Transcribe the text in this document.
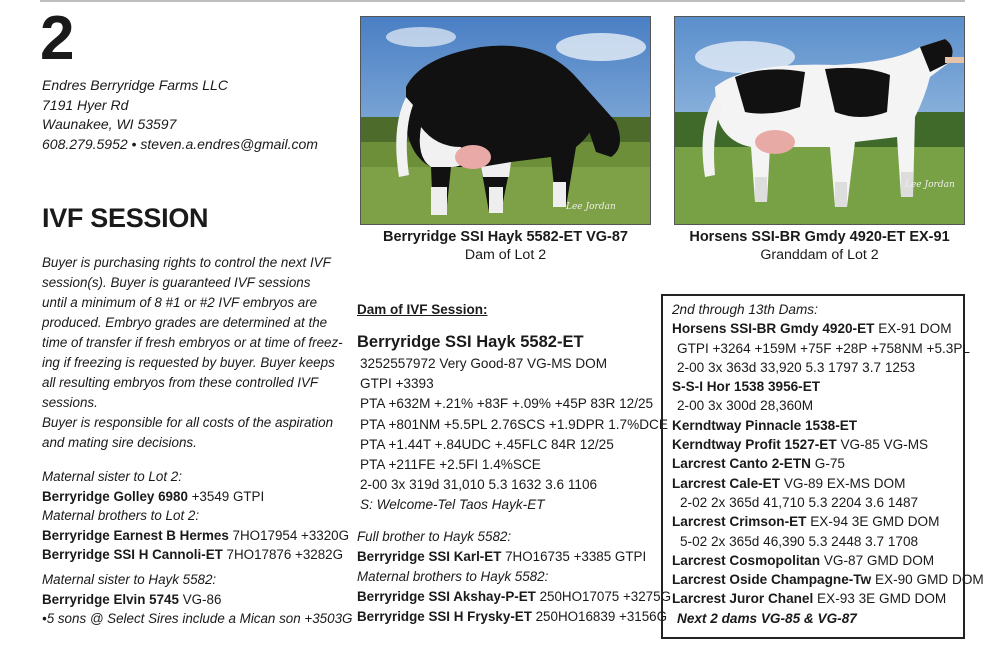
2
Endres Berryridge Farms LLC
7191 Hyer Rd
Waunakee, WI 53597
608.279.5952 • steven.a.endres@gmail.com
IVF SESSION
Buyer is purchasing rights to control the next IVF
session(s). Buyer is guaranteed IVF sessions
until a minimum of 8 #1 or #2 IVF embryos are
produced. Embryo grades are determined at the
time of transfer if fresh embryos or at time of freez-
ing if freezing is requested by buyer. Buyer keeps
all resulting embryos from these controlled IVF
sessions.
Buyer is responsible for all costs of the aspiration
and mating sire decisions.
Maternal sister to Lot 2:
Berryridge Golley 6980 +3549 GTPI
Maternal brothers to Lot 2:
Berryridge Earnest B Hermes 7HO17954 +3320G
Berryridge SSI H Cannoli-ET 7HO17876 +3282G
Maternal sister to Hayk 5582:
Berryridge Elvin 5745 VG-86
•5 sons @ Select Sires include a Mican son +3503G
Lee Jordan
Berryridge SSI Hayk 5582-ET VG-87
Dam of Lot 2
Lee Jordan
Horsens SSI-BR Gmdy 4920-ET EX-91
Granddam of Lot 2
Dam of IVF Session:
Berryridge SSI Hayk 5582-ET
3252557972 Very Good-87 VG-MS DOM
GTPI +3393
PTA +632M +.21% +83F +.09% +45P 83R 12/25
PTA +801NM +5.5PL 2.76SCS +1.9DPR 1.7%DCE
PTA +1.44T +.84UDC +.45FLC 84R 12/25
PTA +211FE +2.5FI 1.4%SCE
2-00 3x 319d 31,010 5.3 1632 3.6 1106
S: Welcome-Tel Taos Hayk-ET
Full brother to Hayk 5582:
Berryridge SSI Karl-ET 7HO16735 +3385 GTPI
Maternal brothers to Hayk 5582:
Berryridge SSI Akshay-P-ET 250HO17075 +3275G
Berryridge SSI H Frysky-ET 250HO16839 +3156G
2nd through 13th Dams:
Horsens SSI-BR Gmdy 4920-ET EX-91 DOM
GTPI +3264 +159M +75F +28P +758NM +5.3PL
2-00 3x 363d 33,920 5.3 1797 3.7 1253
S-S-I Hor 1538 3956-ET
2-00 3x 300d 28,360M
Kerndtway Pinnacle 1538-ET
Kerndtway Profit 1527-ET VG-85 VG-MS
Larcrest Canto 2-ETN G-75
Larcrest Cale-ET VG-89 EX-MS DOM
2-02 2x 365d 41,710 5.3 2204 3.6 1487
Larcrest Crimson-ET EX-94 3E GMD DOM
5-02 2x 365d 46,390 5.3 2448 3.7 1708
Larcrest Cosmopolitan VG-87 GMD DOM
Larcrest Oside Champagne-Tw EX-90 GMD DOM
Larcrest Juror Chanel EX-93 3E GMD DOM
Next 2 dams VG-85 & VG-87
